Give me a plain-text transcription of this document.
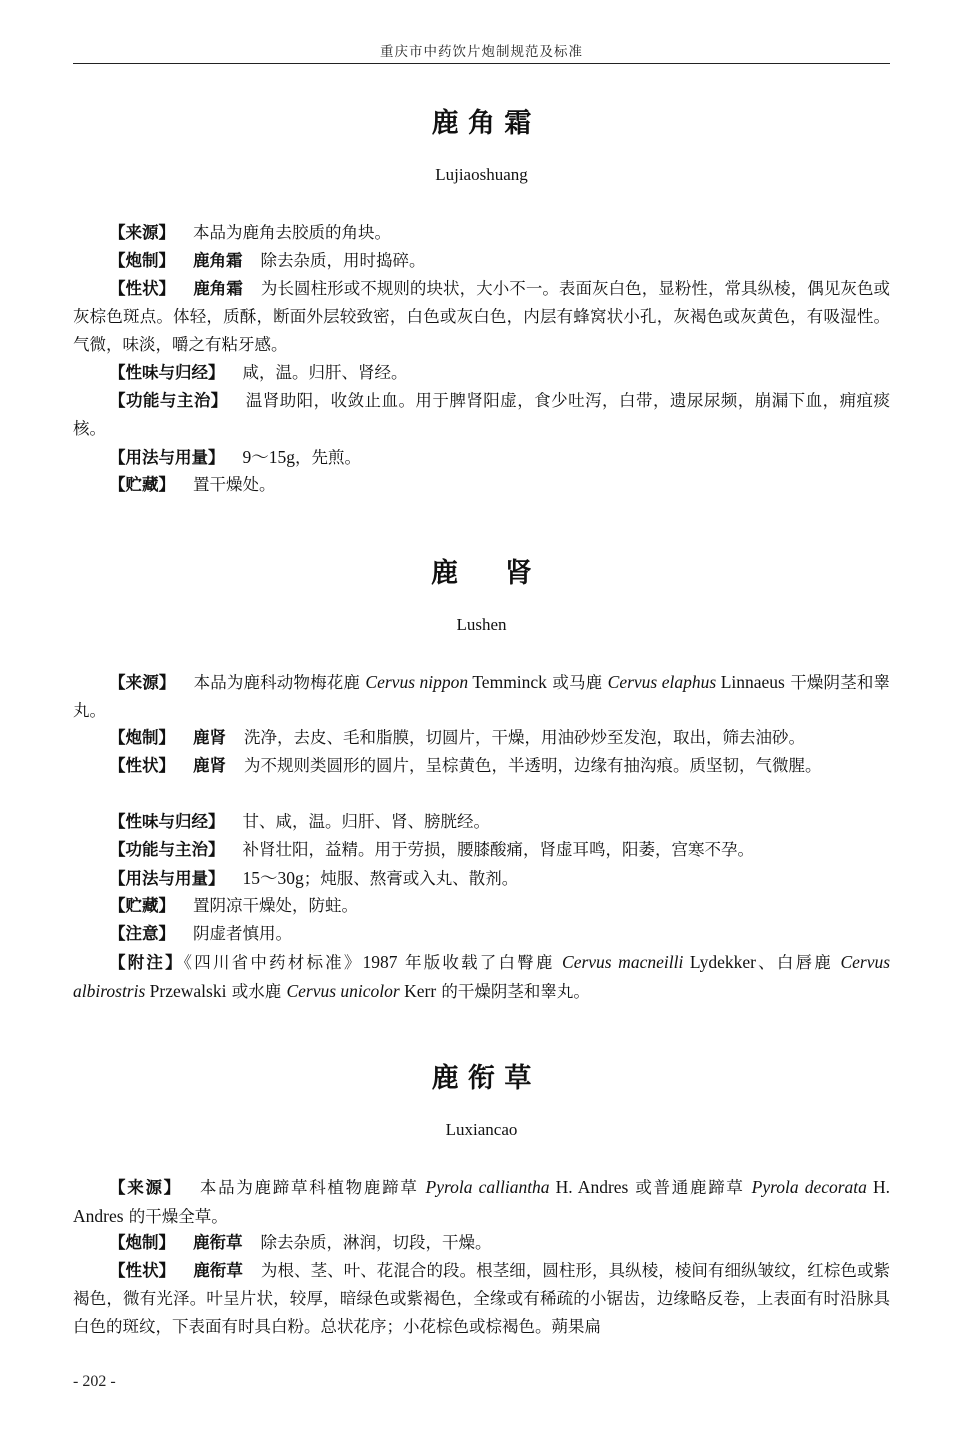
重庆市中药饮片炮制规范及标准
鹿 角 霜
Lujiaoshuang
【来源】 本品为鹿角去胶质的角块。
【炮制】 鹿角霜 除去杂质，用时捣碎。
【性状】 鹿角霜 为长圆柱形或不规则的块状，大小不一。表面灰白色，显粉性，常具纵棱，偶见灰色或灰棕色斑点。体轻，质酥，断面外层较致密，白色或灰白色，内层有蜂窝状小孔，灰褐色或灰黄色，有吸湿性。气微，味淡，嚼之有粘牙感。
【性味与归经】 咸，温。归肝、肾经。
【功能与主治】 温肾助阳，收敛止血。用于脾肾阳虚，食少吐泻，白带，遗尿尿频，崩漏下血，痈疽痰核。
【用法与用量】 9～15g，先煎。
【贮藏】 置干燥处。
鹿     肾
Lushen
【来源】 本品为鹿科动物梅花鹿 Cervus nippon Temminck 或马鹿 Cervus elaphus Linnaeus 干燥阴茎和睾丸。
【炮制】 鹿肾 洗净，去皮、毛和脂膜，切圆片，干燥，用油砂炒至发泡，取出，筛去油砂。
【性状】 鹿肾 为不规则类圆形的圆片，呈棕黄色，半透明，边缘有抽沟痕。质坚韧，气微腥。
【性味与归经】 甘、咸，温。归肝、肾、膀胱经。
【功能与主治】 补肾壮阳，益精。用于劳损，腰膝酸痛，肾虚耳鸣，阳萎，宫寒不孕。
【用法与用量】 15～30g；炖服、熬膏或入丸、散剂。
【贮藏】 置阴凉干燥处，防蛀。
【注意】 阴虚者慎用。
【附注】《四川省中药材标准》1987 年版收载了白臀鹿 Cervus macneilli Lydekker、白唇鹿 Cervus albirostris Przewalski 或水鹿 Cervus unicolor Kerr 的干燥阴茎和睾丸。
鹿 衔 草
Luxiancao
【来源】 本品为鹿蹄草科植物鹿蹄草 Pyrola calliantha H. Andres 或普通鹿蹄草 Pyrola decorata H. Andres 的干燥全草。
【炮制】 鹿衔草 除去杂质，淋润，切段，干燥。
【性状】 鹿衔草 为根、茎、叶、花混合的段。根茎细，圆柱形，具纵棱，棱间有细纵皱纹，红棕色或紫褐色，微有光泽。叶呈片状，较厚，暗绿色或紫褐色，全缘或有稀疏的小锯齿，边缘略反卷，上表面有时沿脉具白色的斑纹，下表面有时具白粉。总状花序；小花棕色或棕褐色。蒴果扁
- 202 -
